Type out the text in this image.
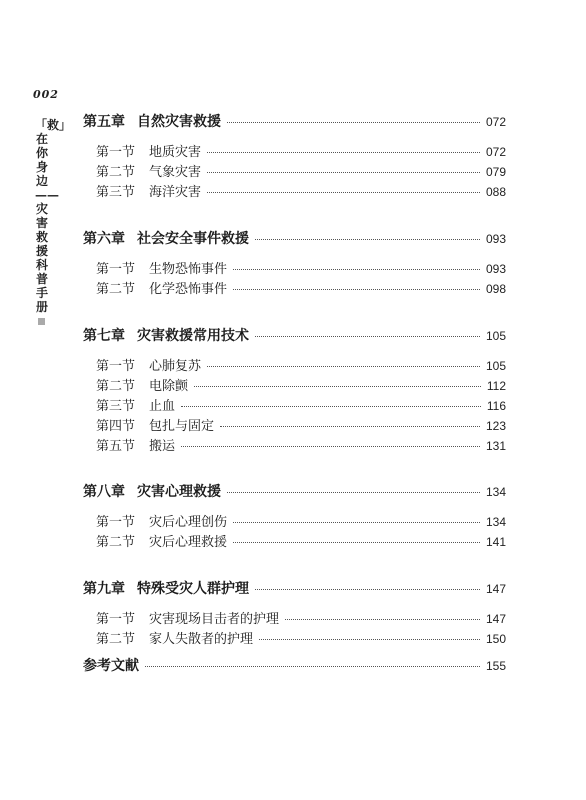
002
「救」在你身边——灾害救援科普手册
第五章 自然灾害救援	072
第一节 地质灾害	072
第二节 气象灾害	079
第三节 海洋灾害	088
第六章 社会安全事件救援	093
第一节 生物恐怖事件	093
第二节 化学恐怖事件	098
第七章 灾害救援常用技术	105
第一节 心肺复苏	105
第二节 电除颤	112
第三节 止血	116
第四节 包扎与固定	123
第五节 搬运	131
第八章 灾害心理救援	134
第一节 灾后心理创伤	134
第二节 灾后心理救援	141
第九章 特殊受灾人群护理	147
第一节 灾害现场目击者的护理	147
第二节 家人失散者的护理	150
参考文献	155
